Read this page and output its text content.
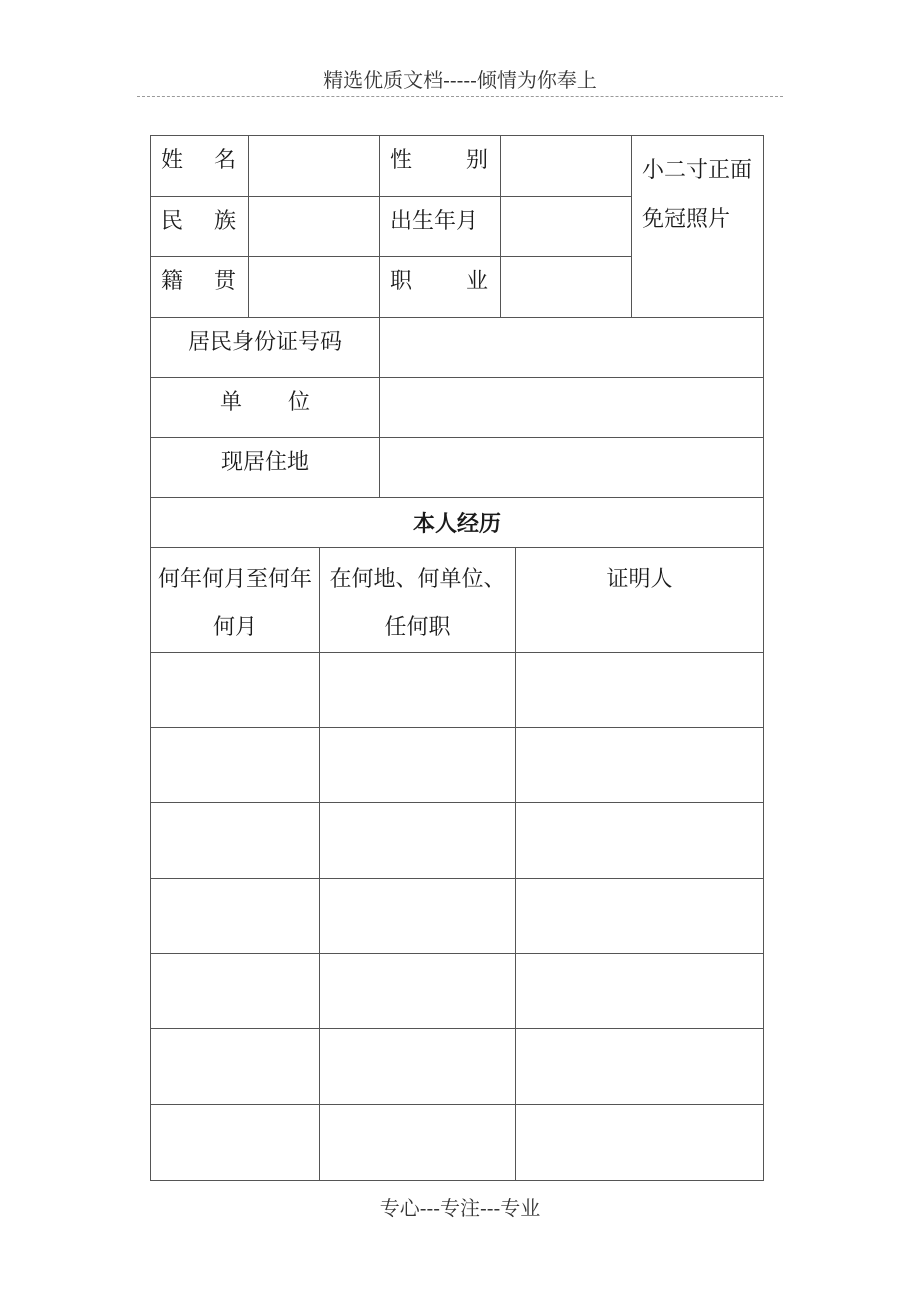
精选优质文档-----倾情为你奉上
姓 名			性 别			小二寸正面免冠照片

民 族			出生年月			

籍 贯			职 业			

居民身份证号码						
单位						
现居住地						
本人经历						
何年何月至何年何月		在何地、何单位、任何职			证明人	

专心---专注---专业
